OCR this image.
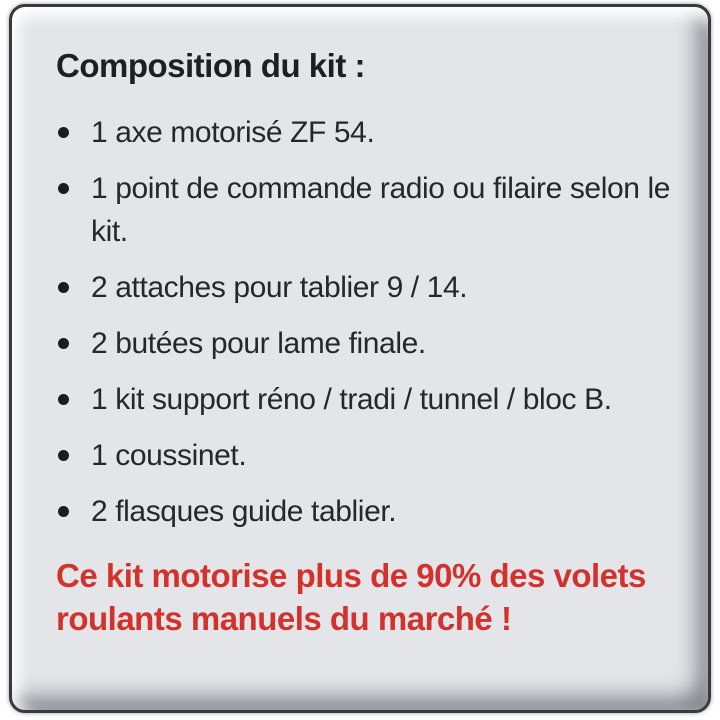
Composition du kit :
1 axe motorisé ZF 54.
1 point de commande radio ou filaire selon le kit.
2 attaches pour tablier 9 / 14.
2 butées pour lame finale.
1 kit support réno / tradi / tunnel / bloc B.
1 coussinet.
2 flasques guide tablier.
Ce kit motorise plus de 90% des volets roulants manuels du marché !
